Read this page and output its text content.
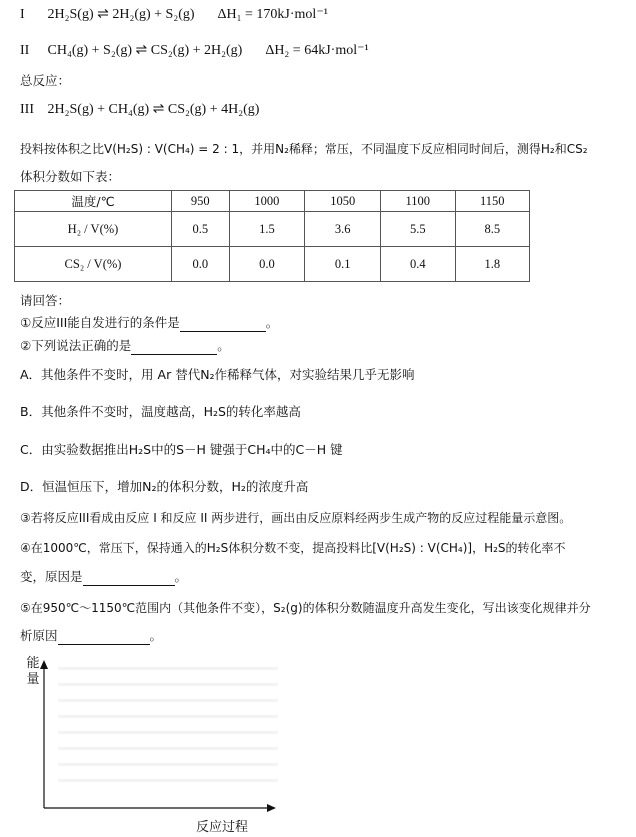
I 2H₂S(g) ⇌ 2H₂(g) + S₂(g) ΔH₁ = 170kJ·mol⁻¹
II CH₄(g) + S₂(g) ⇌ CS₂(g) + 2H₂(g) ΔH₂ = 64kJ·mol⁻¹
总反应：
III 2H₂S(g) + CH₄(g) ⇌ CS₂(g) + 4H₂(g)
投料按体积之比V(H₂S) : V(CH₄) = 2 : 1，并用N₂稀释；常压，不同温度下反应相同时间后，测得H₂和CS₂
体积分数如下表：
温度/℃	950	1000	1050	1100	1150
H₂ / V(%)	0.5	1.5	3.6	5.5	8.5
CS₂ / V(%)	0.0	0.0	0.1	0.4	1.8
请回答：
①反应III能自发进行的条件是	。
②下列说法正确的是	。
A．其他条件不变时，用 Ar 替代N₂作稀释气体，对实验结果几乎无影响
B．其他条件不变时，温度越高，H₂S的转化率越高
C．由实验数据推出H₂S中的S－H 键强于CH₄中的C－H 键
D．恒温恒压下，增加N₂的体积分数，H₂的浓度升高
③若将反应III看成由反应 I 和反应 II 两步进行，画出由反应原料经两步生成产物的反应过程能量示意图。
④在1000℃，常压下，保持通入的H₂S体积分数不变，提高投料比[V(H₂S) : V(CH₄)]，H₂S的转化率不
变，原因是	。
⑤在950℃～1150℃范围内（其他条件不变），S₂(g)的体积分数随温度升高发生变化，写出该变化规律并分
析原因	。
能量
反应过程
